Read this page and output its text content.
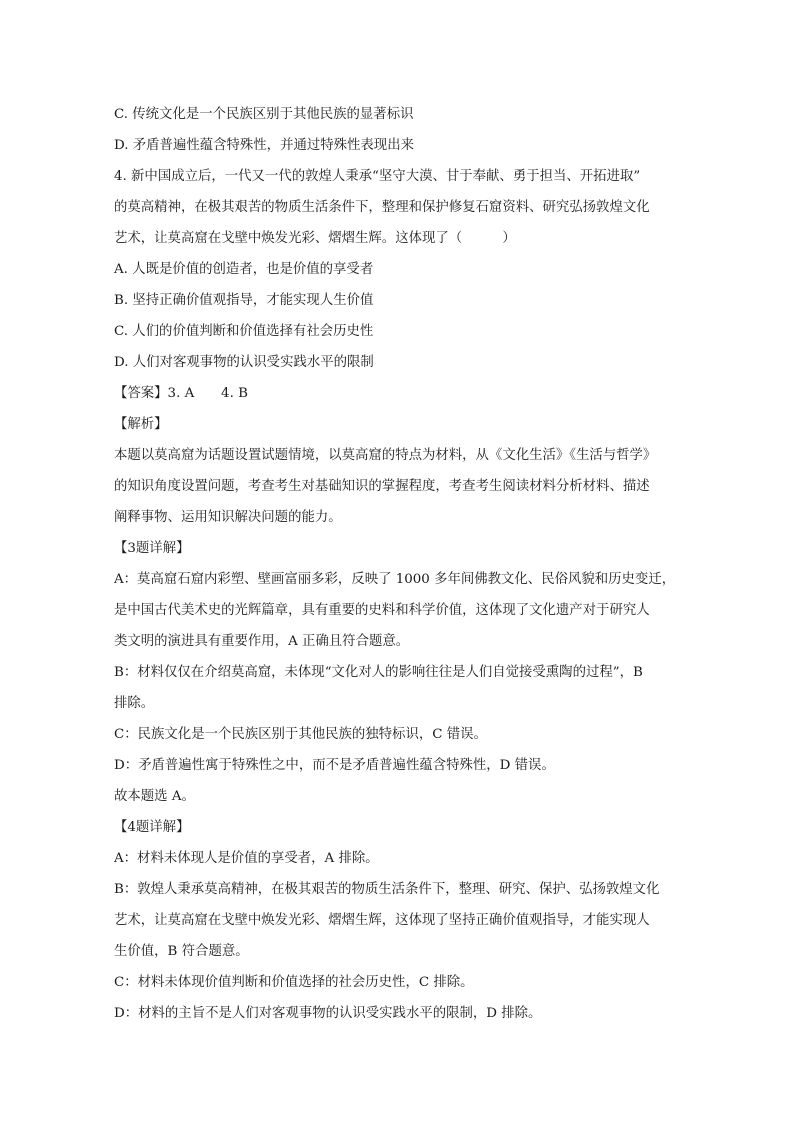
C. 传统文化是一个民族区别于其他民族的显著标识
D. 矛盾普遍性蕴含特殊性，并通过特殊性表现出来
4. 新中国成立后，一代又一代的敦煌人秉承“坚守大漠、甘于奉献、勇于担当、开拓进取”
的莫高精神，在极其艰苦的物质生活条件下，整理和保护修复石窟资料、研究弘扬敦煌文化
艺术，让莫高窟在戈壁中焕发光彩、熠熠生辉。这体现了（　　　）
A. 人既是价值的创造者，也是价值的享受者
B. 坚持正确价值观指导，才能实现人生价值
C. 人们的价值判断和价值选择有社会历史性
D. 人们对客观事物的认识受实践水平的限制
【答案】3. A　　4. B
【解析】
本题以莫高窟为话题设置试题情境，以莫高窟的特点为材料，从《文化生活》《生活与哲学》
的知识角度设置问题，考查考生对基础知识的掌握程度，考查考生阅读材料分析材料、描述
阐释事物、运用知识解决问题的能力。
【3题详解】
A：莫高窟石窟内彩塑、壁画富丽多彩，反映了 1000 多年间佛教文化、民俗风貌和历史变迁，
是中国古代美术史的光辉篇章，具有重要的史料和科学价值，这体现了文化遗产对于研究人
类文明的演进具有重要作用，A 正确且符合题意。
B：材料仅仅在介绍莫高窟，未体现“文化对人的影响往往是人们自觉接受熏陶的过程”，B
排除。
C：民族文化是一个民族区别于其他民族的独特标识，C 错误。
D：矛盾普遍性寓于特殊性之中，而不是矛盾普遍性蕴含特殊性，D 错误。
故本题选 A。
【4题详解】
A：材料未体现人是价值的享受者，A 排除。
B：敦煌人秉承莫高精神，在极其艰苦的物质生活条件下，整理、研究、保护、弘扬敦煌文化
艺术，让莫高窟在戈壁中焕发光彩、熠熠生辉，这体现了坚持正确价值观指导，才能实现人
生价值，B 符合题意。
C：材料未体现价值判断和价值选择的社会历史性，C 排除。
D：材料的主旨不是人们对客观事物的认识受实践水平的限制，D 排除。
